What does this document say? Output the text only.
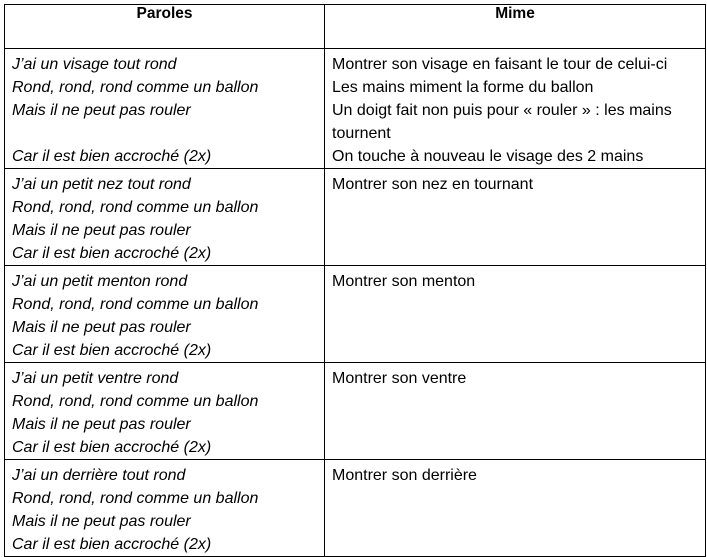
Paroles	Mime

J’ai un visage tout rond
Rond, rond, rond comme un ballon
Mais il ne peut pas rouler
Car il est bien accroché (2x)	Montrer son visage en faisant le tour de celui-ci
Les mains miment la forme du ballon
Un doigt fait non puis pour « rouler » : les mains tournent
On touche à nouveau le visage des 2 mains

J’ai un petit nez tout rond
Rond, rond, rond comme un ballon
Mais il ne peut pas rouler
Car il est bien accroché (2x)	Montrer son nez en tournant

J’ai un petit menton rond
Rond, rond, rond comme un ballon
Mais il ne peut pas rouler
Car il est bien accroché (2x)	Montrer son menton

J’ai un petit ventre rond
Rond, rond, rond comme un ballon
Mais il ne peut pas rouler
Car il est bien accroché (2x)	Montrer son ventre

J’ai un derrière tout rond
Rond, rond, rond comme un ballon
Mais il ne peut pas rouler
Car il est bien accroché (2x)	Montrer son derrière
